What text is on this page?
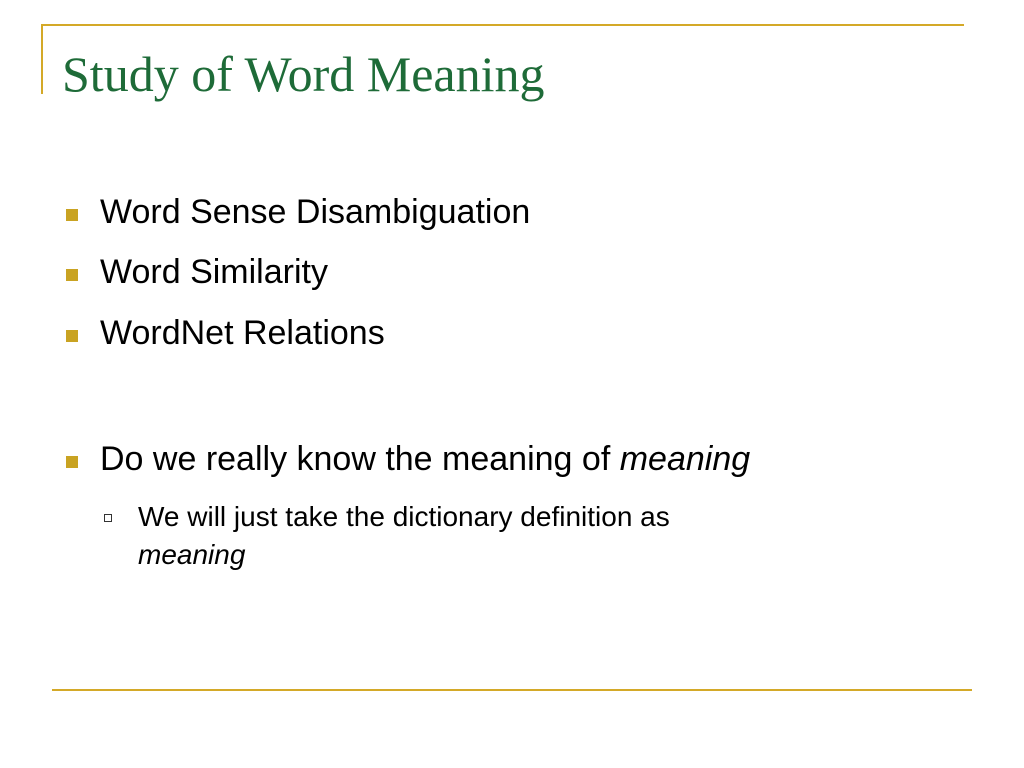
Study of Word Meaning
Word Sense Disambiguation
Word Similarity
WordNet Relations
Do we really know the meaning of meaning
We will just take the dictionary definition as
meaning
